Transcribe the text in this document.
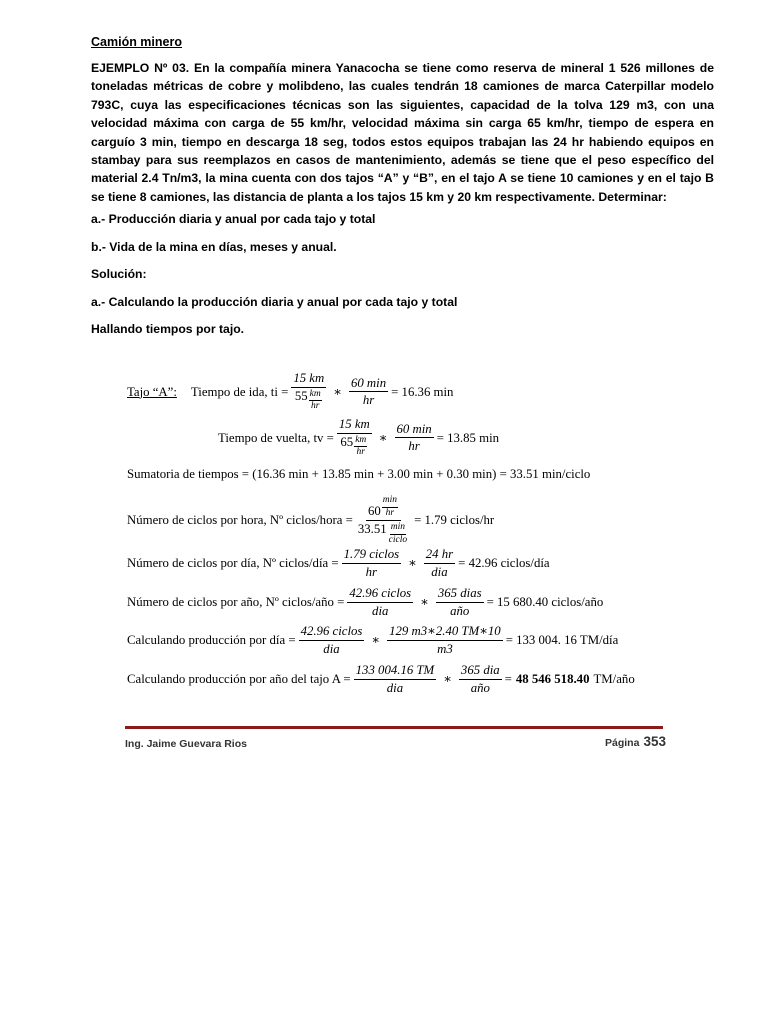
Camión minero
EJEMPLO Nº 03. En la compañía minera Yanacocha se tiene como reserva de mineral 1 526 millones de toneladas métricas de cobre y molibdeno, las cuales tendrán 18 camiones de marca Caterpillar modelo 793C, cuya las especificaciones técnicas son las siguientes, capacidad de la tolva 129 m3, con una velocidad máxima con carga de 55 km/hr, velocidad máxima sin carga 65 km/hr, tiempo de espera en carguío 3 min, tiempo en descarga 18 seg, todos estos equipos trabajan las 24 hr habiendo equipos en stambay para sus reemplazos en casos de mantenimiento, además se tiene que el peso específico del material 2.4 Tn/m3, la mina cuenta con dos tajos “A” y “B”, en el tajo A se tiene 10 camiones y en el tajo B se tiene 8 camiones, las distancia de planta a los tajos 15 km y 20 km respectivamente. Determinar:
a.- Producción diaria y anual por cada tajo y total
b.- Vida de la mina en días, meses y anual.
Solución:
a.- Calculando la producción diaria y anual por cada tajo y total
Hallando tiempos por tajo.
Tajo “A”: Tiempo de ida, ti = $\frac{15 km}{55 \frac{km}{hr}}$ ∗ $\frac{60 \min}{hr} = 16.36$ min
Tiempo de vuelta, tv = $\frac{15 km}{65 \frac{km}{hr}}$ ∗ $\frac{60 \min}{hr} = 13.85$ min
Sumatoria de tiempos = (16.36 min + 13.85 min + 3.00 min + 0.30 min) = 33.51 min/ciclo
Número de ciclos por hora, Nº ciclos/hora = $\frac{60 \frac{\min}{hr}}{33.51 \frac{\min}{\text{ciclo}}} = 1.79$ ciclos/hr
Número de ciclos por día, Nº ciclos/día = $\frac{\text{1.79 ciclos}}{hr}$ ∗ $\frac{24 hr}{\text{dia}} = 42.96$ ciclos/día
Número de ciclos por año, Nº ciclos/año = $\frac{\text{42.96 ciclos}}{\text{dia}}$ ∗ $\frac{\text{365 dias}}{\text{año}} = 15$ 680.40 ciclos/año
Calculando producción por día = $\frac{\text{42.96 ciclos}}{\text{dia}}$ ∗ $\frac{129 m3∗2.40 TM∗10}{m3} = 133$ 004. 16 TM/día
Calculando producción por año del tajo $A = \frac{133 004.16 TM}{\text{dia}}$ ∗ $\frac{\text{365 dia}}{\text{año}} = 48$ 546 518.40 TM/año
Ing. Jaime Guevara Rios	Página 353
